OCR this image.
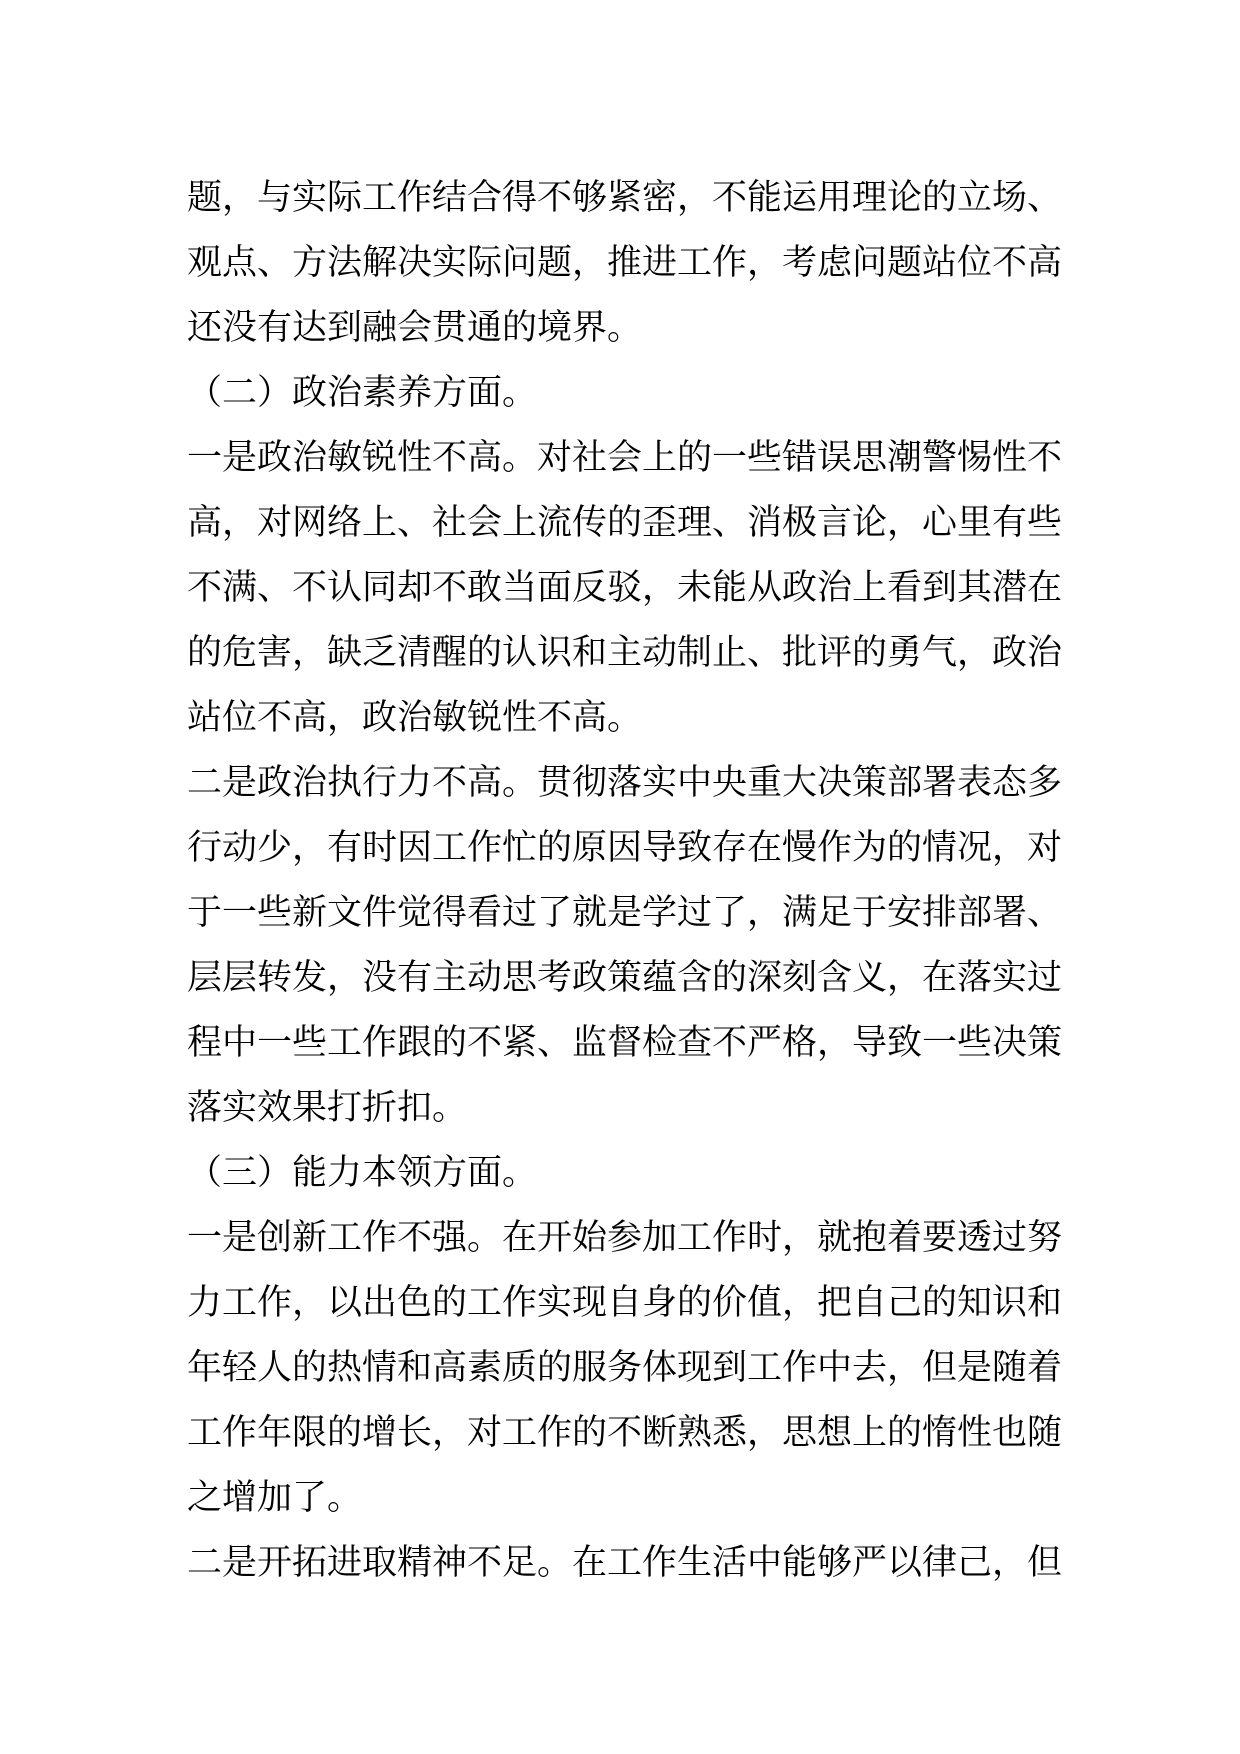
题，与实际工作结合得不够紧密，不能运用理论的立场、
观点、方法解决实际问题，推进工作，考虑问题站位不高
还没有达到融会贯通的境界。
（二）政治素养方面。
一是政治敏锐性不高。对社会上的一些错误思潮警惕性不
高，对网络上、社会上流传的歪理、消极言论，心里有些
不满、不认同却不敢当面反驳，未能从政治上看到其潜在
的危害，缺乏清醒的认识和主动制止、批评的勇气，政治
站位不高，政治敏锐性不高。
二是政治执行力不高。贯彻落实中央重大决策部署表态多
行动少，有时因工作忙的原因导致存在慢作为的情况，对
于一些新文件觉得看过了就是学过了，满足于安排部署、
层层转发，没有主动思考政策蕴含的深刻含义，在落实过
程中一些工作跟的不紧、监督检查不严格，导致一些决策
落实效果打折扣。
（三）能力本领方面。
一是创新工作不强。在开始参加工作时，就抱着要透过努
力工作，以出色的工作实现自身的价值，把自己的知识和
年轻人的热情和高素质的服务体现到工作中去，但是随着
工作年限的增长，对工作的不断熟悉，思想上的惰性也随
之增加了。
二是开拓进取精神不足。在工作生活中能够严以律己，但
